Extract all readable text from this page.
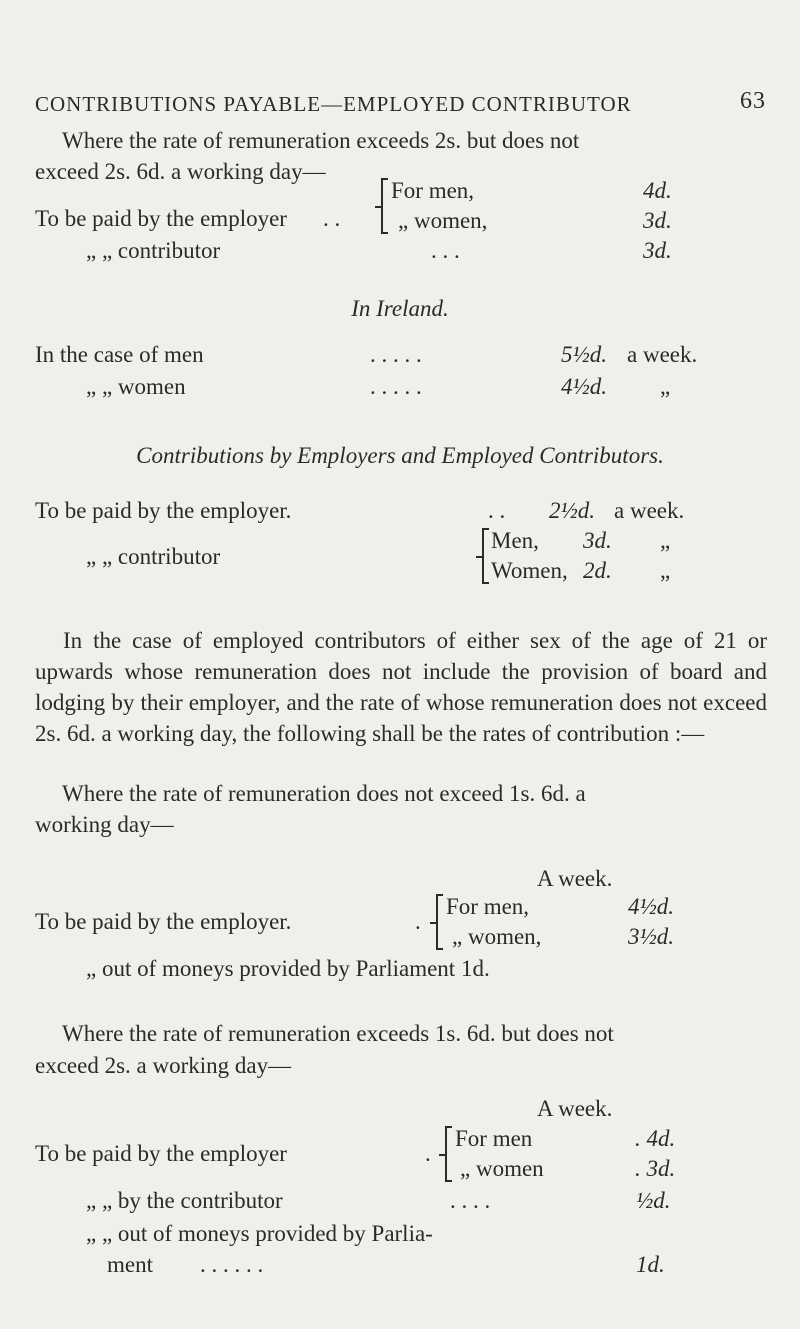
CONTRIBUTIONS PAYABLE—EMPLOYED CONTRIBUTOR	63
Where the rate of remuneration exceeds 2s. but does not
exceed 2s. 6d. a working day—
To be paid by the employer . .
For men,	4d.
„ women,	3d.
„ „ contributor	. . .	3d.
In Ireland.
In the case of men	. . . . .	5½d. a week.
„ „ women	. . . . .	4½d. „
Contributions by Employers and Employed Contributors.
To be paid by the employer.	. . 2½d. a week.
„ „ contributor
Men, 3d. „
Women, 2d. „
In the case of employed contributors of either sex of the age of 21 or upwards whose remuneration does not include the provision of board and lodging by their employer, and the rate of whose remuneration does not exceed 2s. 6d. a working day, the following shall be the rates of contribution :—
Where the rate of remuneration does not exceed 1s. 6d. a
working day—
A week.
To be paid by the employer.	.
For men,	4½d.
„ women,	3½d.
„ out of moneys provided by Parliament 1d.
Where the rate of remuneration exceeds 1s. 6d. but does not
exceed 2s. a working day—
A week.
To be paid by the employer	.
For men	. 4d.
„ women	. 3d.
„ „ by the contributor	. . . .	½d.
„ „ out of moneys provided by Parlia-
ment . . . . . .	1d.
